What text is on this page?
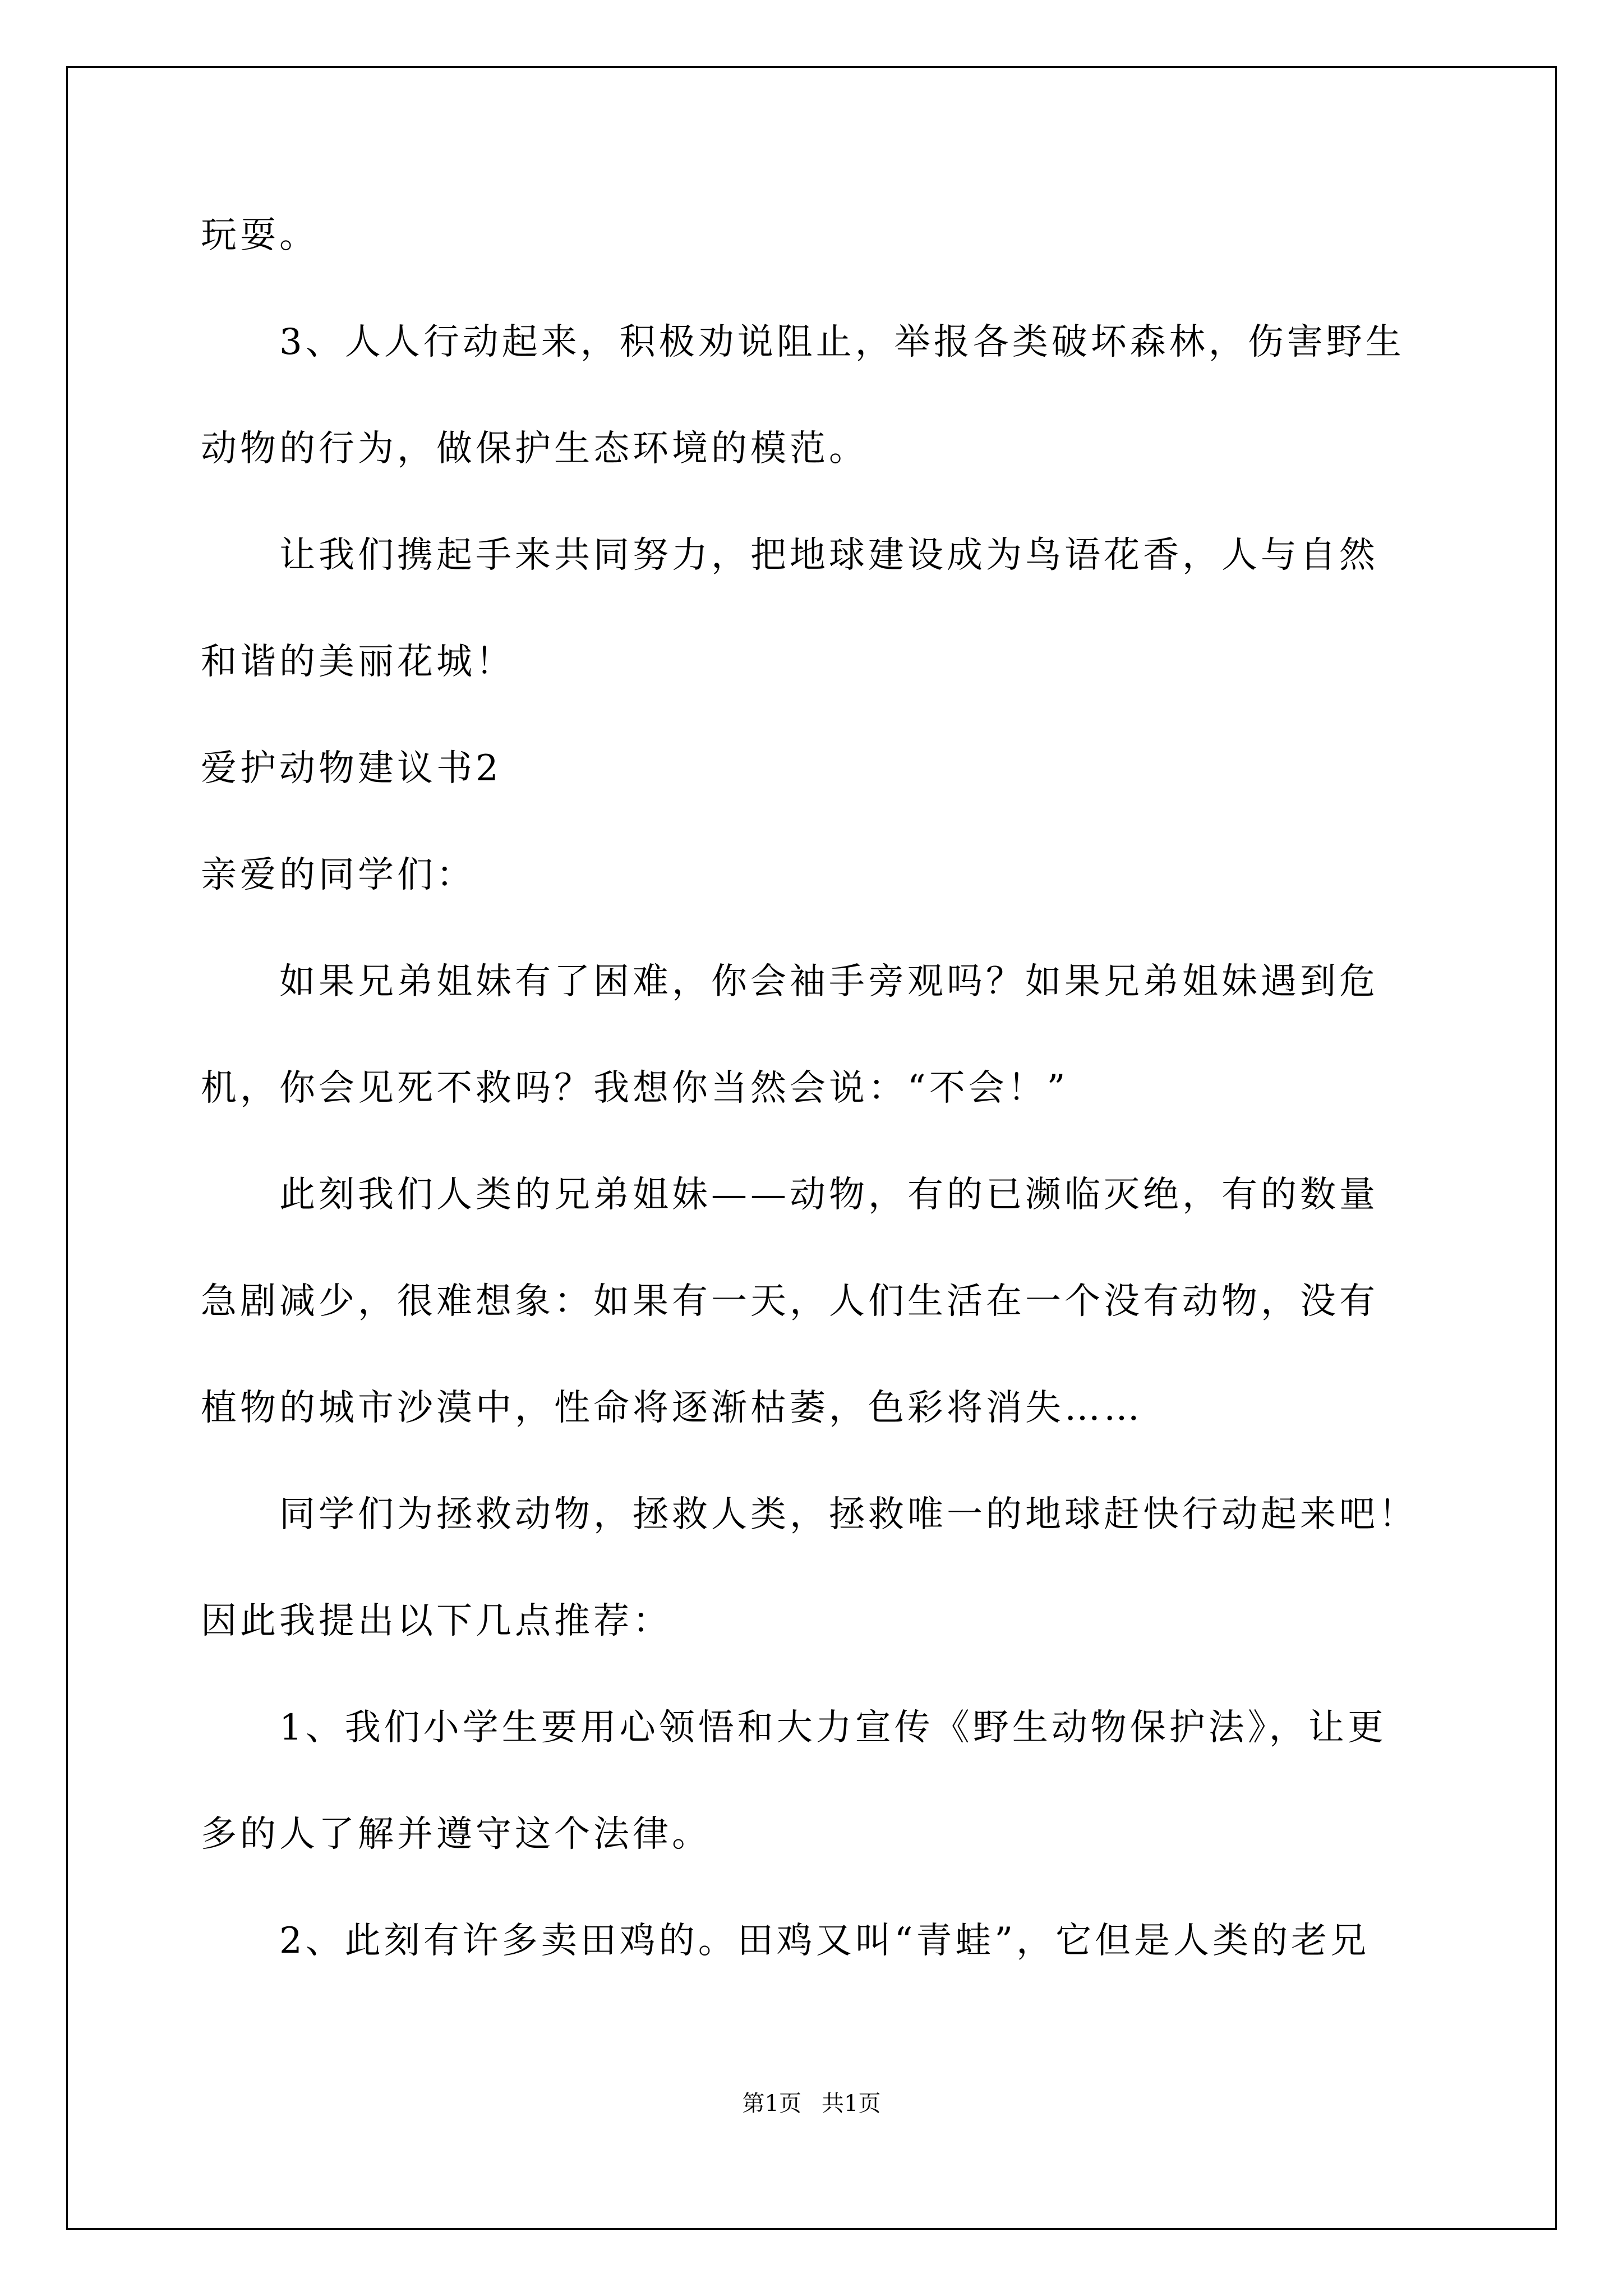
玩耍。
3、人人行动起来，积极劝说阻止，举报各类破坏森林，伤害野生
动物的行为，做保护生态环境的模范。
让我们携起手来共同努力，把地球建设成为鸟语花香，人与自然
和谐的美丽花城！
爱护动物建议书2
亲爱的同学们：
如果兄弟姐妹有了困难，你会袖手旁观吗？如果兄弟姐妹遇到危
机，你会见死不救吗？我想你当然会说：“不会！”
此刻我们人类的兄弟姐妹——动物，有的已濒临灭绝，有的数量
急剧减少，很难想象：如果有一天，人们生活在一个没有动物，没有
植物的城市沙漠中，性命将逐渐枯萎，色彩将消失……
同学们为拯救动物，拯救人类，拯救唯一的地球赶快行动起来吧！
因此我提出以下几点推荐：
1、我们小学生要用心领悟和大力宣传《野生动物保护法》，让更
多的人了解并遵守这个法律。
2、此刻有许多卖田鸡的。田鸡又叫“青蛙”，它但是人类的老兄
第1页 共1页
